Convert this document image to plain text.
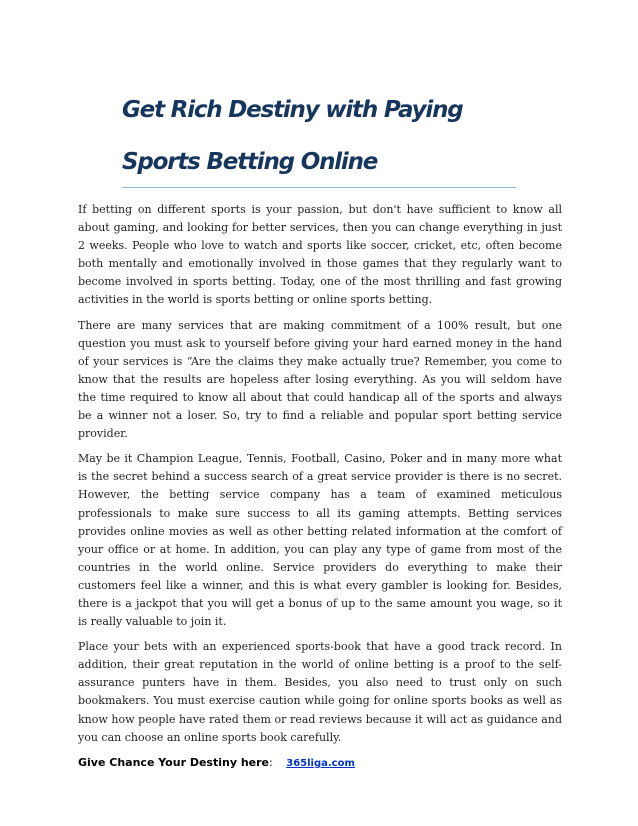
Get Rich Destiny with Paying Sports Betting Online

If betting on different sports is your passion, but don't have sufficient to know all about gaming, and looking for better services, then you can change everything in just 2 weeks. People who love to watch and sports like soccer, cricket, etc, often become both mentally and emotionally involved in those games that they regularly want to become involved in sports betting. Today, one of the most thrilling and fast growing activities in the world is sports betting or online sports betting.

There are many services that are making commitment of a 100% result, but one question you must ask to yourself before giving your hard earned money in the hand of your services is “Are the claims they make actually true? Remember, you come to know that the results are hopeless after losing everything. As you will seldom have the time required to know all about that could handicap all of the sports and always be a winner not a loser. So, try to find a reliable and popular sport betting service provider.

May be it Champion League, Tennis, Football, Casino, Poker and in many more what is the secret behind a success search of a great service provider is there is no secret. However, the betting service company has a team of examined meticulous professionals to make sure success to all its gaming attempts. Betting services provides online movies as well as other betting related information at the comfort of your office or at home. In addition, you can play any type of game from most of the countries in the world online. Service providers do everything to make their customers feel like a winner, and this is what every gambler is looking for. Besides, there is a jackpot that you will get a bonus of up to the same amount you wage, so it is really valuable to join it.

Place your bets with an experienced sports-book that have a good track record. In addition, their great reputation in the world of online betting is a proof to the self-assurance punters have in them. Besides, you also need to trust only on such bookmakers. You must exercise caution while going for online sports books as well as know how people have rated them or read reviews because it will act as guidance and you can choose an online sports book carefully.

Give Chance Your Destiny here: 365liga.com
